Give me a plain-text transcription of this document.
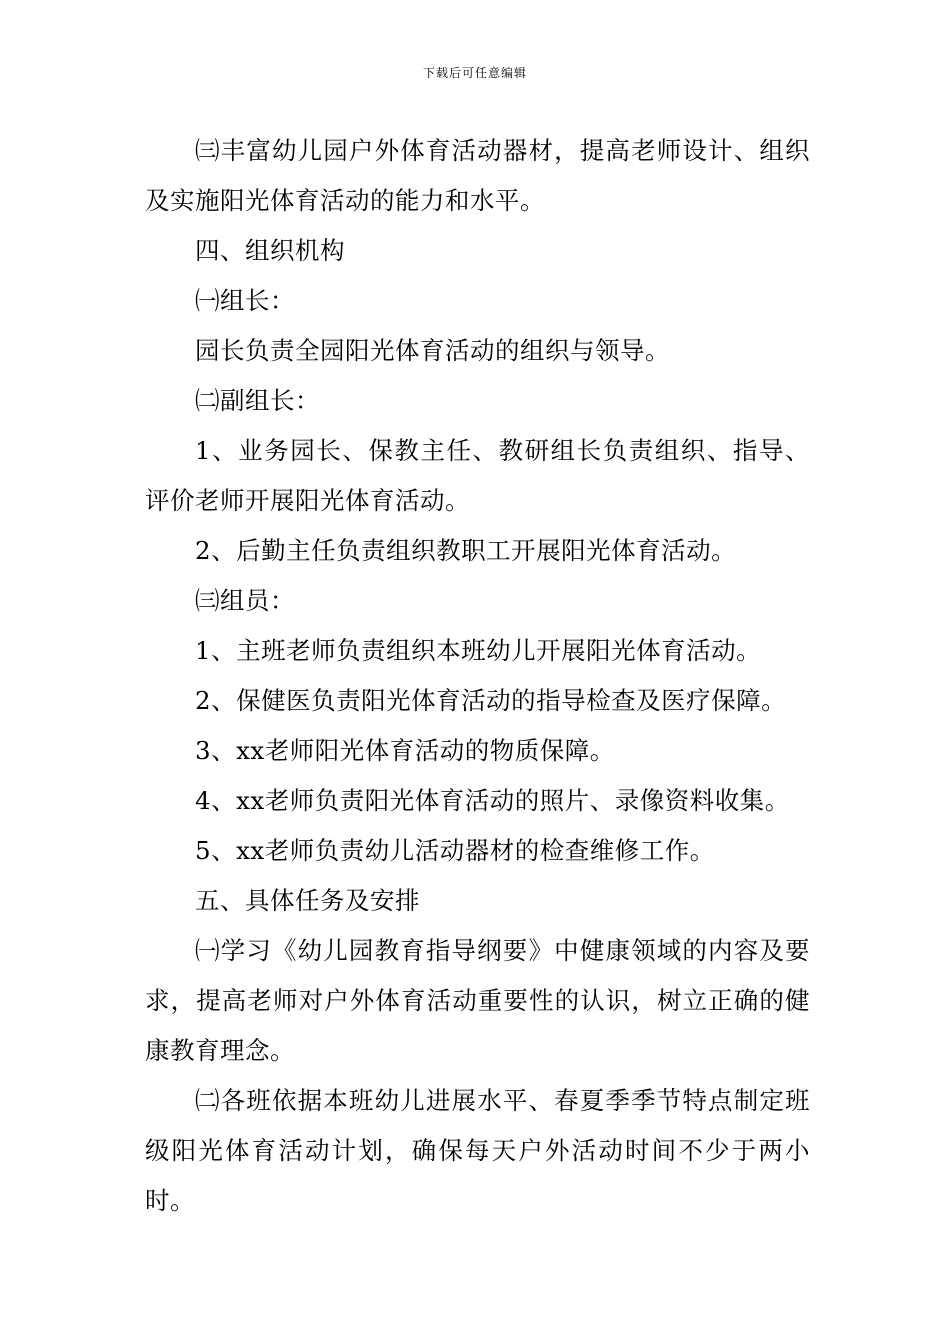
下载后可任意编辑

㈢丰富幼儿园户外体育活动器材，提高老师设计、组织及实施阳光体育活动的能力和水平。

四、组织机构

㈠组长：

园长负责全园阳光体育活动的组织与领导。

㈡副组长：

1、业务园长、保教主任、教研组长负责组织、指导、评价老师开展阳光体育活动。

2、后勤主任负责组织教职工开展阳光体育活动。

㈢组员：

1、主班老师负责组织本班幼儿开展阳光体育活动。

2、保健医负责阳光体育活动的指导检查及医疗保障。

3、xx老师阳光体育活动的物质保障。

4、xx老师负责阳光体育活动的照片、录像资料收集。

5、xx老师负责幼儿活动器材的检查维修工作。

五、具体任务及安排

㈠学习《幼儿园教育指导纲要》中健康领域的内容及要求，提高老师对户外体育活动重要性的认识，树立正确的健康教育理念。

㈡各班依据本班幼儿进展水平、春夏季季节特点制定班级阳光体育活动计划，确保每天户外活动时间不少于两小时。
